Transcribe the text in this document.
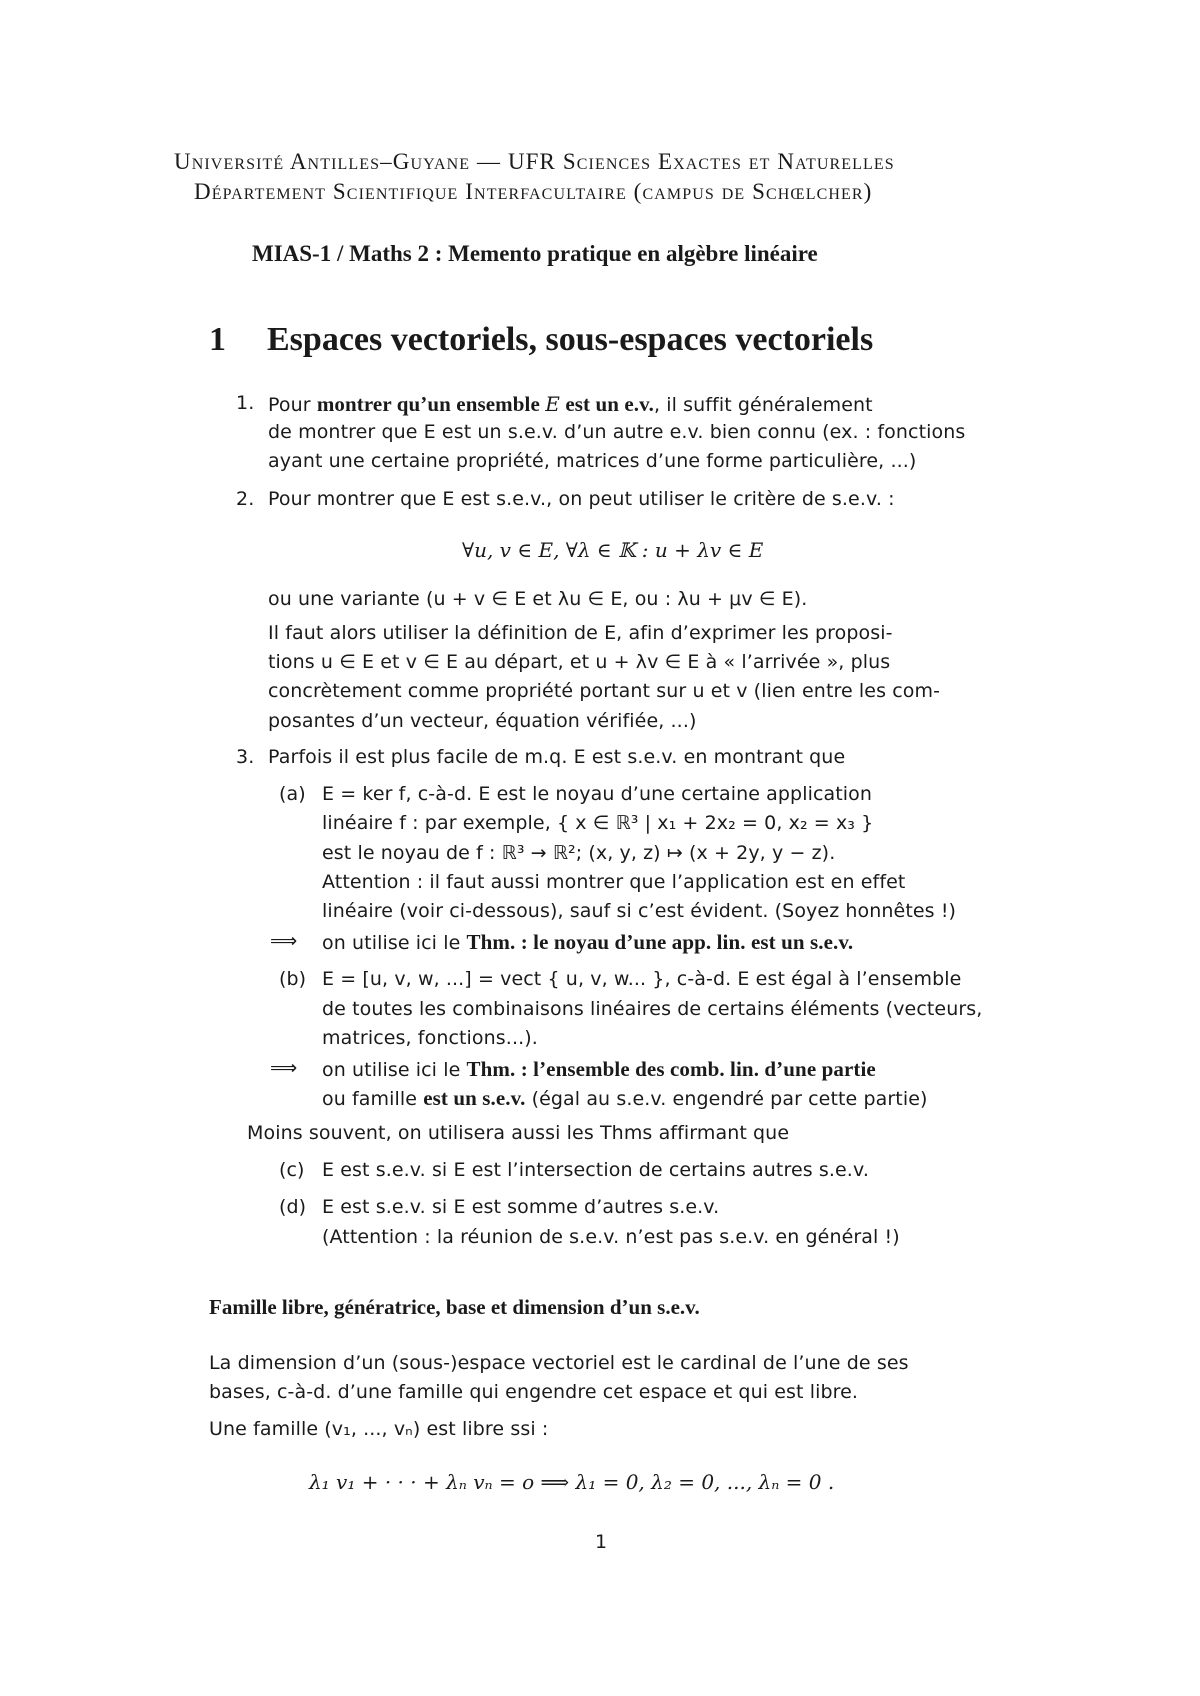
Université Antilles–Guyane — UFR Sciences Exactes et Naturelles
Département Scientifique Interfacultaire (campus de Schœlcher)
MIAS-1 / Maths 2 : Memento pratique en algèbre linéaire
1 Espaces vectoriels, sous-espaces vectoriels
1. Pour montrer qu’un ensemble E est un e.v., il suffit généralement
de montrer que E est un s.e.v. d’un autre e.v. bien connu (ex. : fonctions
ayant une certaine propriété, matrices d’une forme particulière, ...)
2. Pour montrer que E est s.e.v., on peut utiliser le critère de s.e.v. :
∀u, v ∈ E, ∀λ ∈ 𝕂 : u + λv ∈ E
ou une variante (u + v ∈ E et λu ∈ E, ou : λu + μv ∈ E).
Il faut alors utiliser la définition de E, afin d’exprimer les proposi-
tions u ∈ E et v ∈ E au départ, et u + λv ∈ E à « l’arrivée », plus
concrètement comme propriété portant sur u et v (lien entre les com-
posantes d’un vecteur, équation vérifiée, ...)
3. Parfois il est plus facile de m.q. E est s.e.v. en montrant que
(a) E = ker f, c-à-d. E est le noyau d’une certaine application
linéaire f : par exemple, { x ∈ ℝ³ | x₁ + 2x₂ = 0, x₂ = x₃ }
est le noyau de f : ℝ³ → ℝ²; (x, y, z) ↦ (x + 2y, y − z).
Attention : il faut aussi montrer que l’application est en effet
linéaire (voir ci-dessous), sauf si c’est évident. (Soyez honnêtes !)
⟹ on utilise ici le Thm. : le noyau d’une app. lin. est un s.e.v.
(b) E = [u, v, w, ...] = vect { u, v, w... }, c-à-d. E est égal à l’ensemble
de toutes les combinaisons linéaires de certains éléments (vecteurs,
matrices, fonctions...).
⟹ on utilise ici le Thm. : l’ensemble des comb. lin. d’une partie
ou famille est un s.e.v. (égal au s.e.v. engendré par cette partie)
Moins souvent, on utilisera aussi les Thms affirmant que
(c) E est s.e.v. si E est l’intersection de certains autres s.e.v.
(d) E est s.e.v. si E est somme d’autres s.e.v.
(Attention : la réunion de s.e.v. n’est pas s.e.v. en général !)
Famille libre, génératrice, base et dimension d’un s.e.v.
La dimension d’un (sous-)espace vectoriel est le cardinal de l’une de ses
bases, c-à-d. d’une famille qui engendre cet espace et qui est libre.
Une famille (v₁, ..., vₙ) est libre ssi :
λ₁ v₁ + · · · + λₙ vₙ = o ⟹ λ₁ = 0, λ₂ = 0, ..., λₙ = 0 .
1
